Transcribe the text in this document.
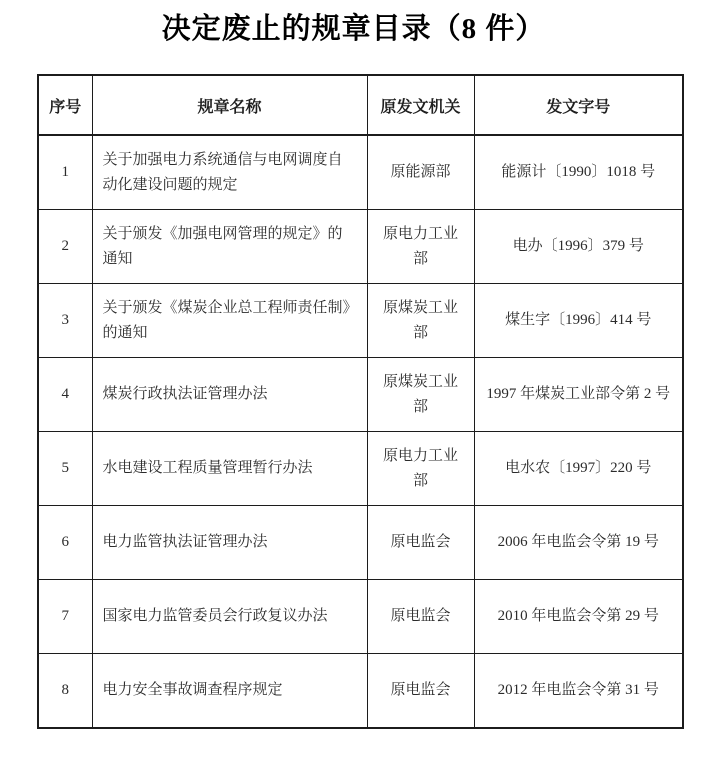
决定废止的规章目录（8 件）
序号	规章名称	原发文机关	发文字号
1	关于加强电力系统通信与电网调度自动化建设问题的规定	原能源部	能源计〔1990〕1018 号
2	关于颁发《加强电网管理的规定》的通知	原电力工业部	电办〔1996〕379 号
3	关于颁发《煤炭企业总工程师责任制》的通知	原煤炭工业部	煤生字〔1996〕414 号
4	煤炭行政执法证管理办法	原煤炭工业部	1997 年煤炭工业部令第 2 号
5	水电建设工程质量管理暂行办法	原电力工业部	电水农〔1997〕220 号
6	电力监管执法证管理办法	原电监会	2006 年电监会令第 19 号
7	国家电力监管委员会行政复议办法	原电监会	2010 年电监会令第 29 号
8	电力安全事故调查程序规定	原电监会	2012 年电监会令第 31 号
